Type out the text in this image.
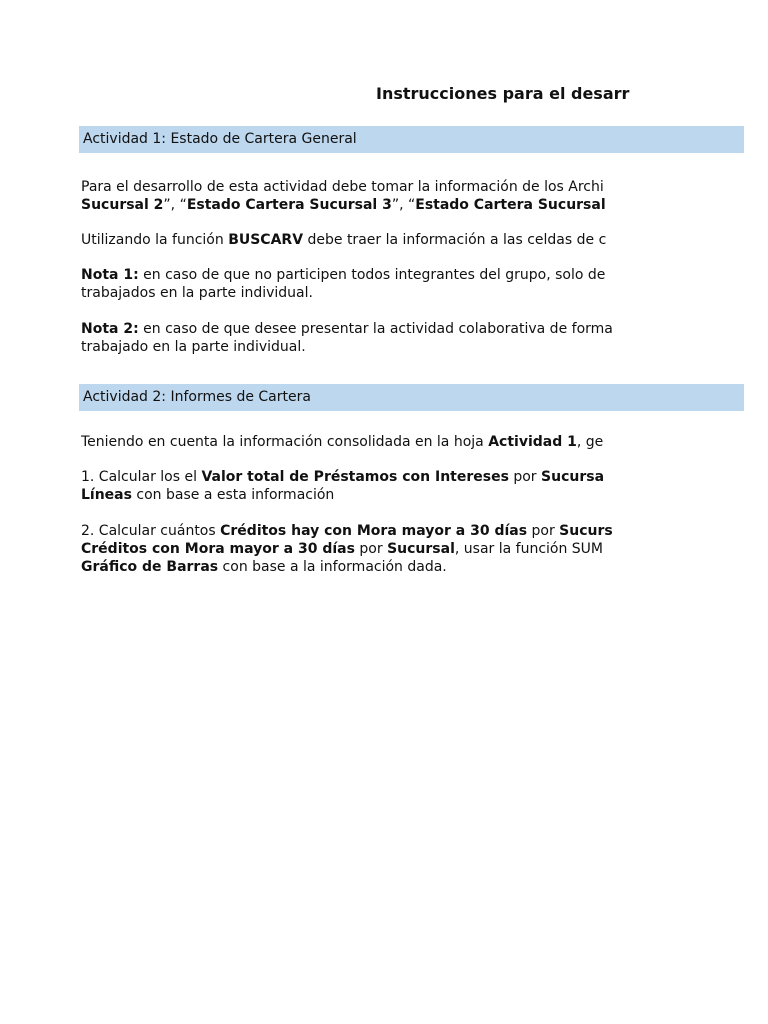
Instrucciones para el desarr
Actividad 1: Estado de Cartera General
Para el desarrollo de esta actividad debe tomar la información de los Archi
Sucursal 2”, “Estado Cartera Sucursal 3”, “Estado Cartera Sucursal
Utilizando la función BUSCARV debe traer la información a las celdas de c
Nota 1: en caso de que no participen todos integrantes del grupo, solo de
trabajados en la parte individual.
Nota 2: en caso de que desee presentar la actividad colaborativa de forma
trabajado en la parte individual.
Actividad 2: Informes de Cartera
Teniendo en cuenta la información consolidada en la hoja Actividad 1, ge
1. Calcular los el Valor total de Préstamos con Intereses por Sucursa
Líneas con base a esta información
2. Calcular cuántos Créditos hay con Mora mayor a 30 días por Sucurs
Créditos con Mora mayor a 30 días por Sucursal, usar la función SUM
Gráfico de Barras con base a la información dada.
